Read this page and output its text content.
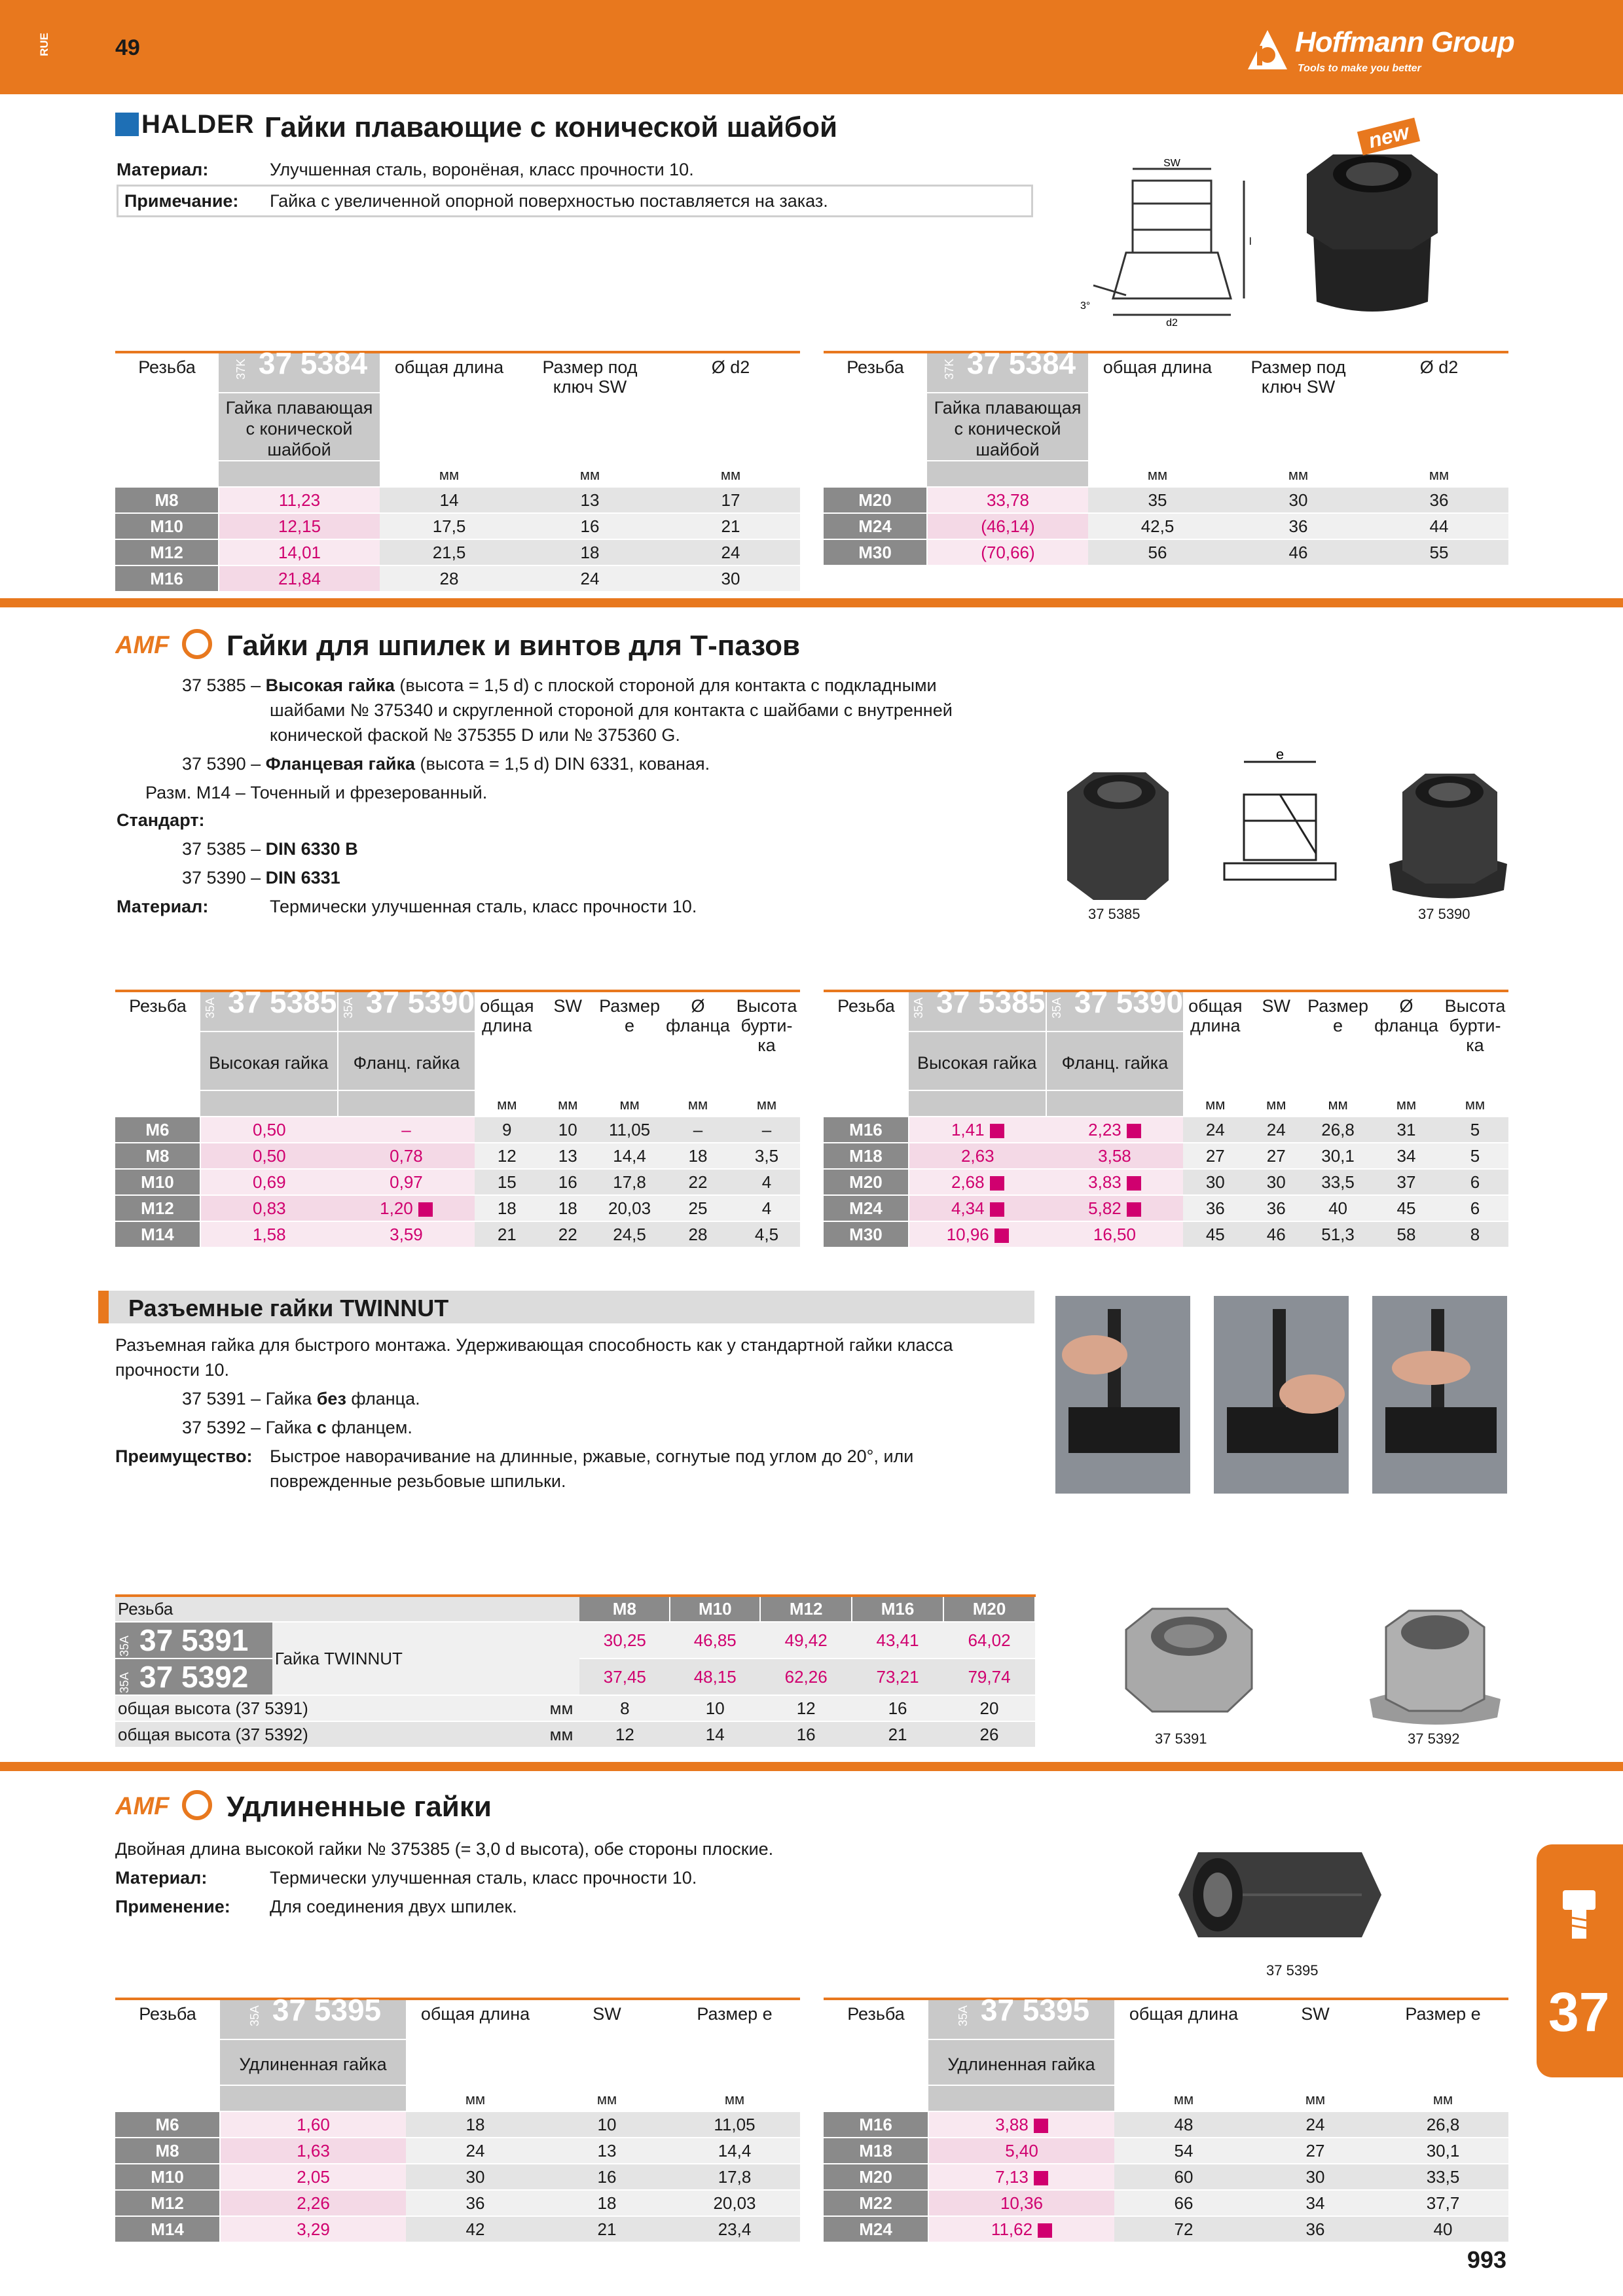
RUE	49	Hoffmann Group
Tools to make you better
HALDER Гайки плавающие с конической шайбой
Материал:	Улучшенная сталь, воронёная, класс прочности 10.
Примечание: Гайка с увеличенной опорной поверхностью поставляется на заказ.
SW
l
d2
3°
new
Резьба	37K 37 5384	общая длина	Размер под ключ SW	Ø d2
	Гайка плавающая с конической шайбой			
		мм	мм	мм
M8	11,23	14	13	17
M10	12,15	17,5	16	21
M12	14,01	21,5	18	24
M16	21,84	28	24	30
Резьба	37K 37 5384	общая длина	Размер под ключ SW	Ø d2
	Гайка плавающая с конической шайбой			
		мм	мм	мм
M20	33,78	35	30	36
M24	(46,14)	42,5	36	44
M30	(70,66)	56	46	55
AMF Гайки для шпилек и винтов для Т-пазов
37 5385 – Высокая гайка (высота = 1,5 d) с плоской стороной для контакта с подкладными
шайбами № 375340 и скругленной стороной для контакта с шайбами с внутренней
конической фаской № 375355 D или № 375360 G.
37 5390 – Фланцевая гайка (высота = 1,5 d) DIN 6331, кованая.
Разм. M14 – Точенный и фрезерованный.
Стандарт:
37 5385 – DIN 6330 B
37 5390 – DIN 6331
Материал:	Термически улучшенная сталь, класс прочности 10.	37 5385
e
37 5390
Резьба	35A 37 5385	35A 37 5390	общая длина	SW	Размер e	Ø фланца	Высота бурти-ка
	Высокая гайка	Фланц. гайка					
			мм	мм	мм	мм	мм
M6	0,50	–	9	10	11,05	–	–
M8	0,50	0,78	12	13	14,4	18	3,5
M10	0,69	0,97	15	16	17,8	22	4
M12	0,83	1,20	18	18	20,03	25	4
M14	1,58	3,59	21	22	24,5	28	4,5
Резьба	35A 37 5385	35A 37 5390	общая длина	SW	Размер e	Ø фланца	Высота бурти-ка
	Высокая гайка	Фланц. гайка					
			мм	мм	мм	мм	мм
M16	1,41	2,23	24	24	26,8	31	5
M18	2,63	3,58	27	27	30,1	34	5
M20	2,68	3,83	30	30	33,5	37	6
M24	4,34	5,82	36	36	40	45	6
M30	10,96	16,50	45	46	51,3	58	8
Разъемные гайки TWINNUT
Разъемная гайка для быстрого монтажа. Удерживающая способность как у стандартной гайки класса
прочности 10.
37 5391 – Гайка без фланца.
37 5392 – Гайка с фланцем.
Преимущество: Быстрое наворачивание на длинные, ржавые, согнутые под углом до 20°, или
поврежденные резьбовые шпильки.
Резьба		M8	M10	M12	M16	M20
35A 37 5391	Гайка TWINNUT	30,25	46,85	49,42	43,41	64,02
35A 37 5392		37,45	48,15	62,26	73,21	79,74
общая высота (37 5391) мм		8	10	12	16	20
общая высота (37 5392) мм		12	14	16	21	26	37 5391	37 5392
AMF Удлиненные гайки
Двойная длина высокой гайки № 375385 (= 3,0 d высота), обе стороны плоские.
Материал:	Термически улучшенная сталь, класс прочности 10.
Применение: Для соединения двух шпилек.
37 5395
Резьба	35A 37 5395	общая длина	SW	Размер e
	Удлиненная гайка			
		мм	мм	мм
M6	1,60	18	10	11,05
M8	1,63	24	13	14,4
M10	2,05	30	16	17,8
M12	2,26	36	18	20,03
M14	3,29	42	21	23,4
Резьба	35A 37 5395	общая длина	SW	Размер e
	Удлиненная гайка			
		мм	мм	мм
M16	3,88	48	24	26,8
M18	5,40	54	27	30,1
M20	7,13	60	30	33,5
M22	10,36	66	34	37,7
M24	11,62	72	36	40
37
993
